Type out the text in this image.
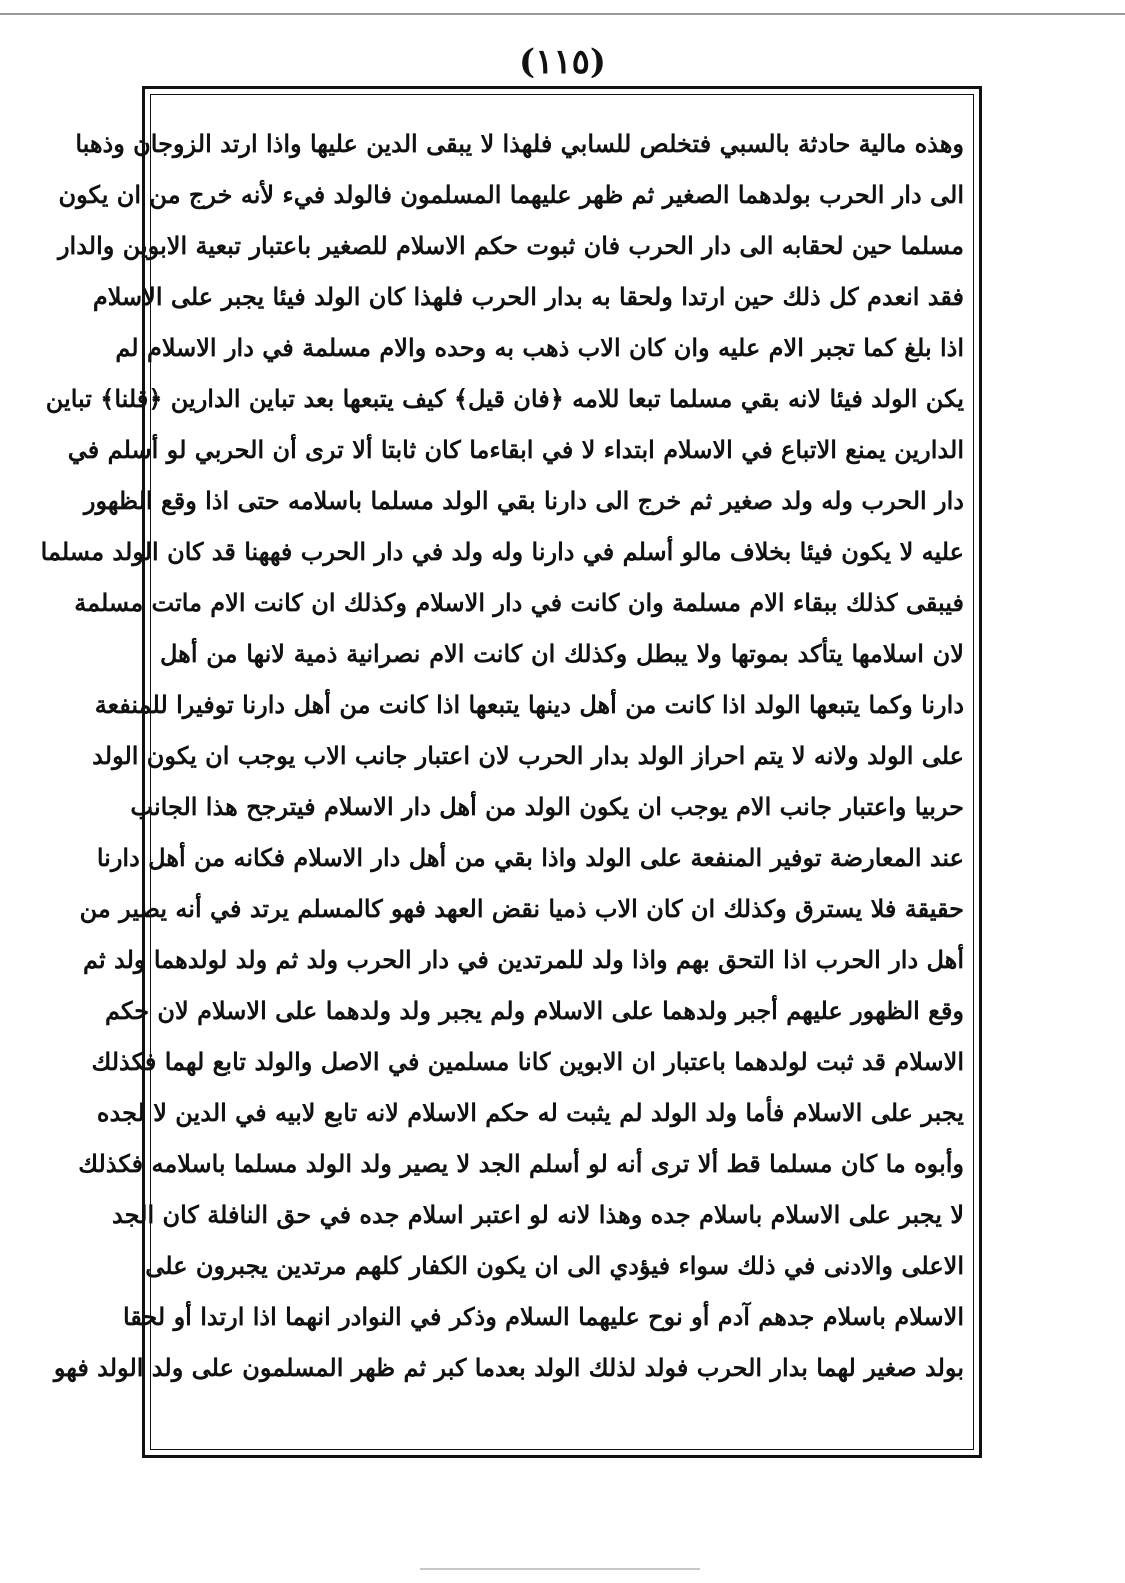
(١١٥)
وهذه مالية حادثة بالسبي فتخلص للسابي فلهذا لا يبقى الدين عليها واذا ارتد الزوجان وذهبا
الى دار الحرب بولدهما الصغير ثم ظهر عليهما المسلمون فالولد فيء لأنه خرج من ان يكون
مسلما حين لحقابه الى دار الحرب فان ثبوت حكم الاسلام للصغير باعتبار تبعية الابوين والدار
فقد انعدم كل ذلك حين ارتدا ولحقا به بدار الحرب فلهذا كان الولد فيئا يجبر على الاسلام
اذا بلغ كما تجبر الام عليه وان كان الاب ذهب به وحده والام مسلمة في دار الاسلام لم
يكن الولد فيئا لانه بقي مسلما تبعا للامه ﴿فان قيل﴾ كيف يتبعها بعد تباين الدارين ﴿قلنا﴾ تباين
الدارين يمنع الاتباع في الاسلام ابتداء لا في ابقاءما كان ثابتا ألا ترى أن الحربي لو أسلم في
دار الحرب وله ولد صغير ثم خرج الى دارنا بقي الولد مسلما باسلامه حتى اذا وقع الظهور
عليه لا يكون فيئا بخلاف مالو أسلم في دارنا وله ولد في دار الحرب فههنا قد كان الولد مسلما
فيبقى كذلك ببقاء الام مسلمة وان كانت في دار الاسلام وكذلك ان كانت الام ماتت مسلمة
لان اسلامها يتأكد بموتها ولا يبطل وكذلك ان كانت الام نصرانية ذمية لانها من أهل
دارنا وكما يتبعها الولد اذا كانت من أهل دينها يتبعها اذا كانت من أهل دارنا توفيرا للمنفعة
على الولد ولانه لا يتم احراز الولد بدار الحرب لان اعتبار جانب الاب يوجب ان يكون الولد
حربيا واعتبار جانب الام يوجب ان يكون الولد من أهل دار الاسلام فيترجح هذا الجانب
عند المعارضة توفير المنفعة على الولد واذا بقي من أهل دار الاسلام فكانه من أهل دارنا
حقيقة فلا يسترق وكذلك ان كان الاب ذميا نقض العهد فهو كالمسلم يرتد في أنه يصير من
أهل دار الحرب اذا التحق بهم واذا ولد للمرتدين في دار الحرب ولد ثم ولد لولدهما ولد ثم
وقع الظهور عليهم أجبر ولدهما على الاسلام ولم يجبر ولد ولدهما على الاسلام لان حكم
الاسلام قد ثبت لولدهما باعتبار ان الابوين كانا مسلمين في الاصل والولد تابع لهما فكذلك
يجبر على الاسلام فأما ولد الولد لم يثبت له حكم الاسلام لانه تابع لابيه في الدين لا لجده
وأبوه ما كان مسلما قط ألا ترى أنه لو أسلم الجد لا يصير ولد الولد مسلما باسلامه فكذلك
لا يجبر على الاسلام باسلام جده وهذا لانه لو اعتبر اسلام جده في حق النافلة كان الجد
الاعلى والادنى في ذلك سواء فيؤدي الى ان يكون الكفار كلهم مرتدين يجبرون على
الاسلام باسلام جدهم آدم أو نوح عليهما السلام وذكر في النوادر انهما اذا ارتدا أو لحقا
بولد صغير لهما بدار الحرب فولد لذلك الولد بعدما كبر ثم ظهر المسلمون على ولد الولد فهو
